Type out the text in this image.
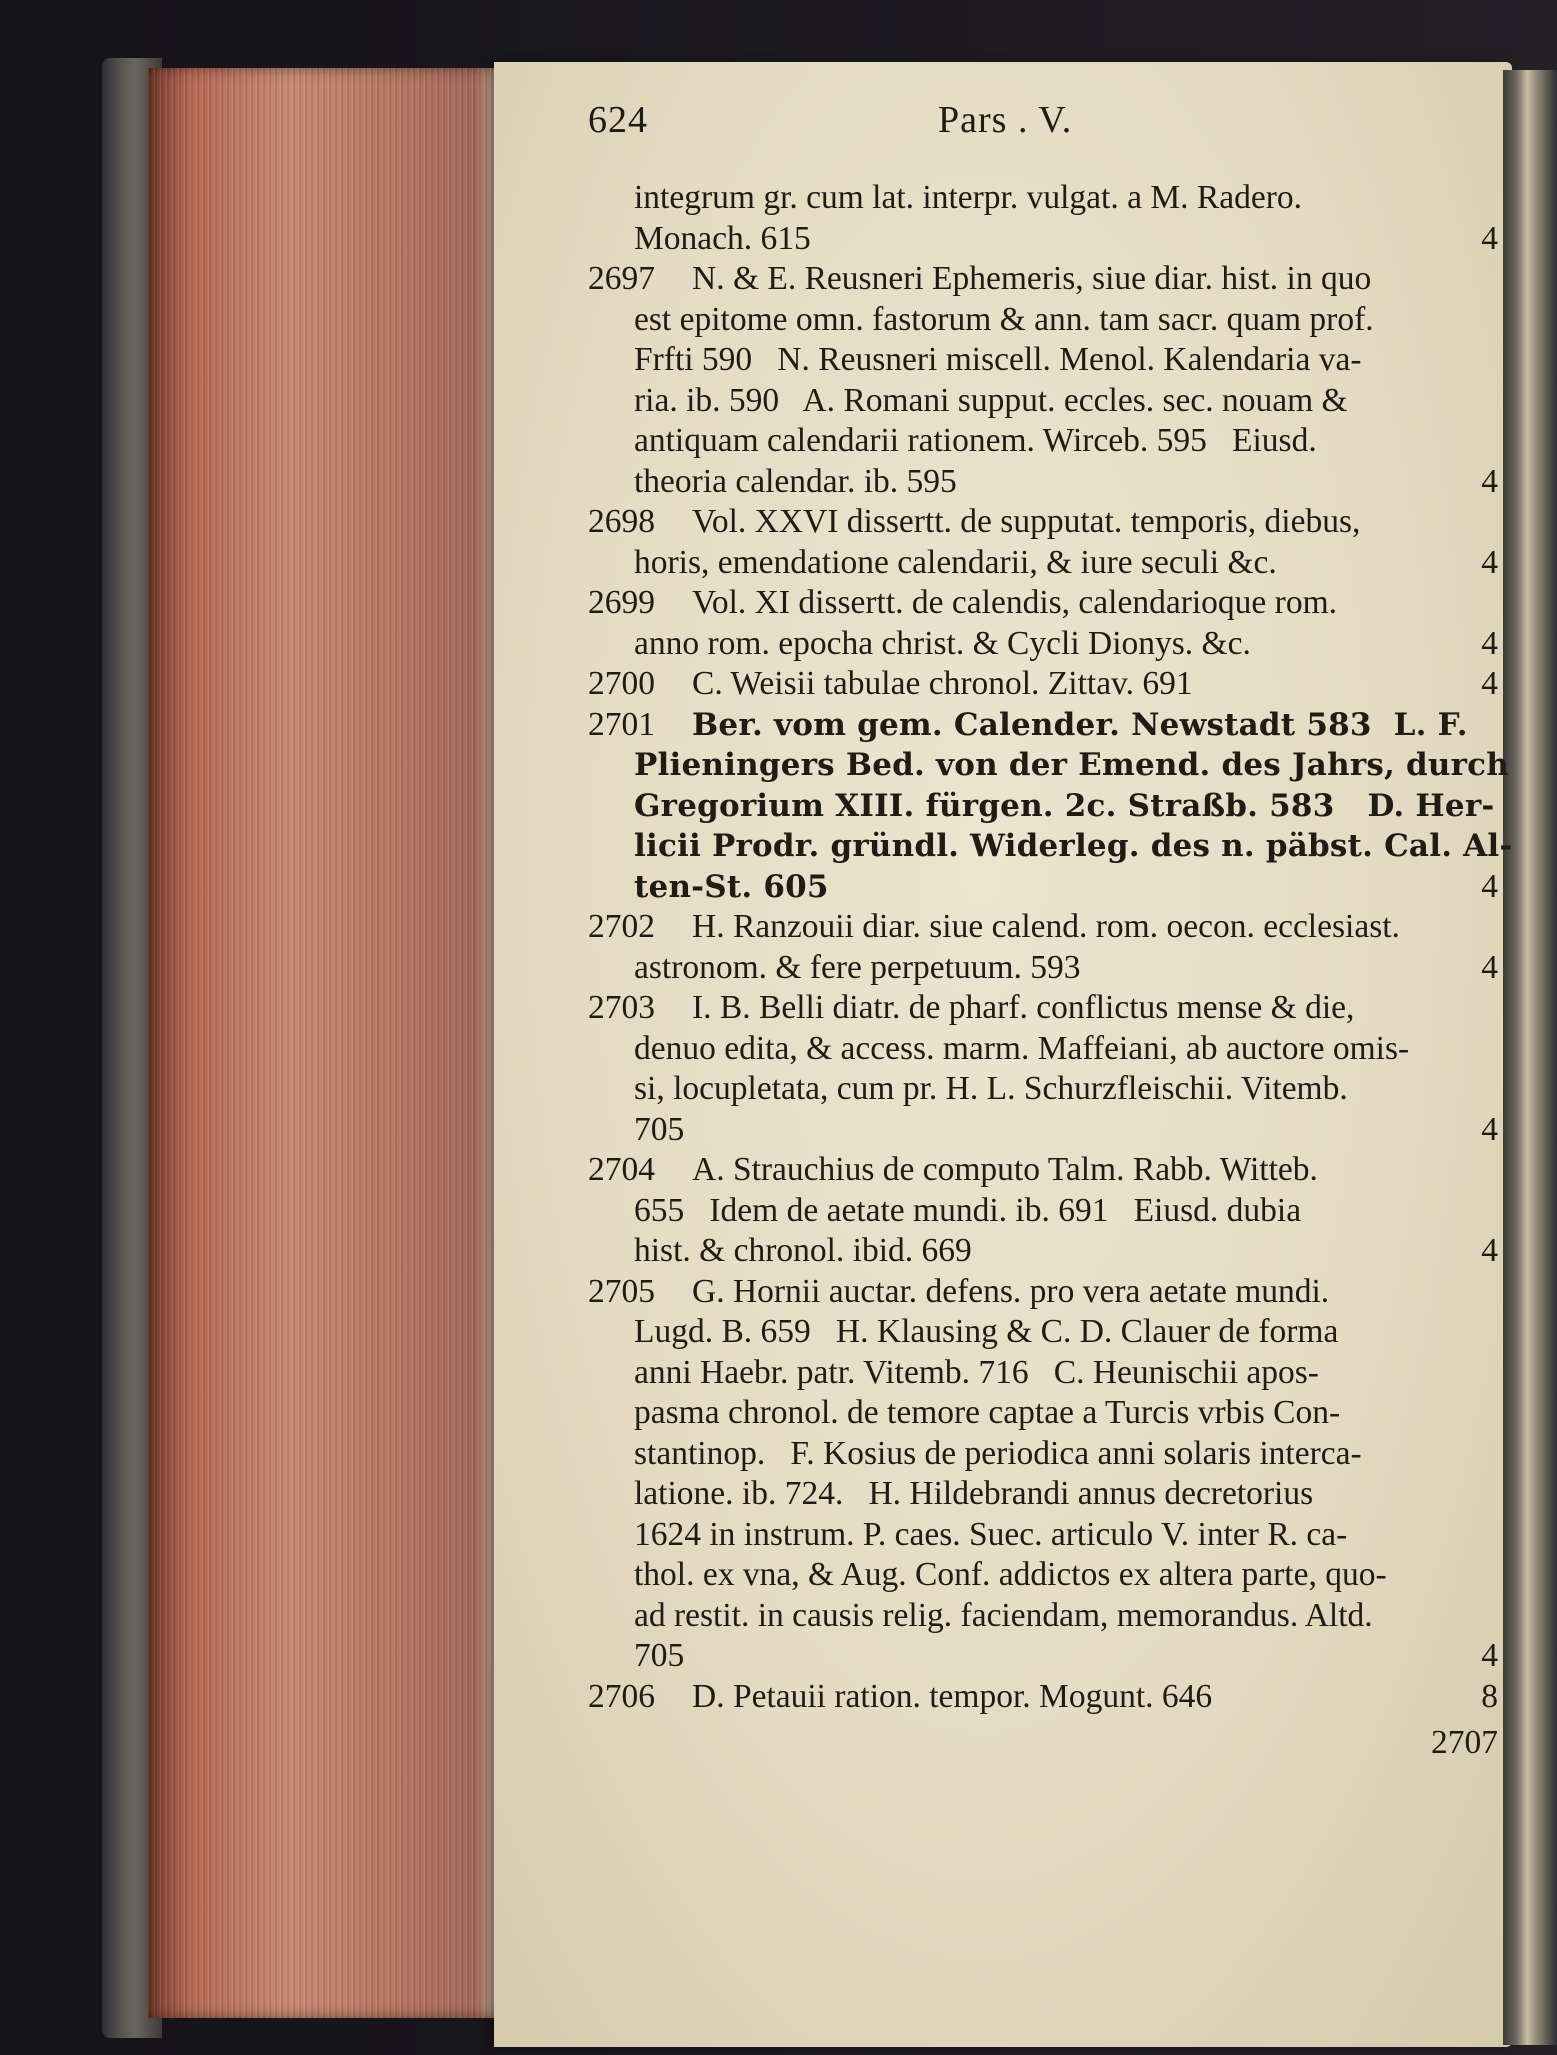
624	Pars . V.
integrum gr. cum lat. interpr. vulgat. a M. Radero.
Monach. 615	4
2697 N. & E. Reusneri Ephemeris, siue diar. hist. in quo
est epitome omn. fastorum & ann. tam sacr. quam prof.
Frfti 590   N. Reusneri miscell. Menol. Kalendaria va-
ria. ib. 590   A. Romani supput. eccles. sec. nouam &
antiquam calendarii rationem. Wirceb. 595   Eiusd.
theoria calendar. ib. 595	4
2698 Vol. XXVI dissertt. de supputat. temporis, diebus,
horis, emendatione calendarii, & iure seculi &c.	4
2699 Vol. XI dissertt. de calendis, calendarioque rom.
anno rom. epocha christ. & Cycli Dionys. &c.	4
2700 C. Weisii tabulae chronol. Zittav. 691	4
2701 Ber. vom gem. Calender. Newstadt 583  L. F.
Plieningers Bed. von der Emend. des Jahrs, durch
Gregorium XIII. fürgen. 2c. Straßb. 583   D. Her-
licii Prodr. gründl. Widerleg. des n. päbst. Cal. Al-
ten-St. 605	4
2702 H. Ranzouii diar. siue calend. rom. oecon. ecclesiast.
astronom. & fere perpetuum. 593	4
2703 I. B. Belli diatr. de pharf. conflictus mense & die,
denuo edita, & access. marm. Maffeiani, ab auctore omis-
si, locupletata, cum pr. H. L. Schurzfleischii. Vitemb.
705	4
2704 A. Strauchius de computo Talm. Rabb. Witteb.
655   Idem de aetate mundi. ib. 691   Eiusd. dubia
hist. & chronol. ibid. 669	4
2705 G. Hornii auctar. defens. pro vera aetate mundi.
Lugd. B. 659   H. Klausing & C. D. Clauer de forma
anni Haebr. patr. Vitemb. 716   C. Heunischii apos-
pasma chronol. de temore captae a Turcis vrbis Con-
stantinop.   F. Kosius de periodica anni solaris interca-
latione. ib. 724.   H. Hildebrandi annus decretorius
1624 in instrum. P. caes. Suec. articulo V. inter R. ca-
thol. ex vna, & Aug. Conf. addictos ex altera parte, quo-
ad restit. in causis relig. faciendam, memorandus. Altd.
705	4
2706 D. Petauii ration. tempor. Mogunt. 646	8
2707
